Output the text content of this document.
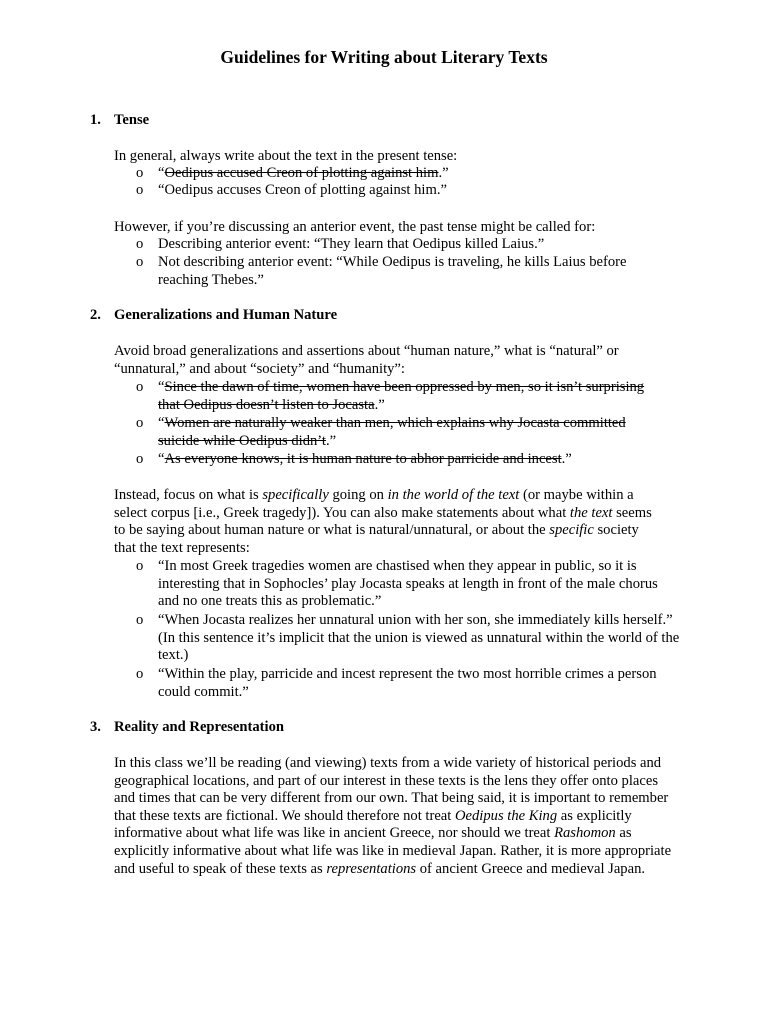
Guidelines for Writing about Literary Texts
1. Tense
In general, always write about the text in the present tense:
o “Oedipus accused Creon of plotting against him.”
o “Oedipus accuses Creon of plotting against him.”
However, if you’re discussing an anterior event, the past tense might be called for:
o Describing anterior event: “They learn that Oedipus killed Laius.”
o Not describing anterior event: “While Oedipus is traveling, he kills Laius before reaching Thebes.”
2. Generalizations and Human Nature
Avoid broad generalizations and assertions about “human nature,” what is “natural” or “unnatural,” and about “society” and “humanity”:
o “Since the dawn of time, women have been oppressed by men, so it isn’t surprising that Oedipus doesn’t listen to Jocasta.”
o “Women are naturally weaker than men, which explains why Jocasta committed suicide while Oedipus didn’t.”
o “As everyone knows, it is human nature to abhor parricide and incest.”
Instead, focus on what is specifically going on in the world of the text (or maybe within a select corpus [i.e., Greek tragedy]). You can also make statements about what the text seems to be saying about human nature or what is natural/unnatural, or about the specific society that the text represents:
o “In most Greek tragedies women are chastised when they appear in public, so it is interesting that in Sophocles’ play Jocasta speaks at length in front of the male chorus and no one treats this as problematic.”
o “When Jocasta realizes her unnatural union with her son, she immediately kills herself.” (In this sentence it’s implicit that the union is viewed as unnatural within the world of the text.)
o “Within the play, parricide and incest represent the two most horrible crimes a person could commit.”
3. Reality and Representation
In this class we’ll be reading (and viewing) texts from a wide variety of historical periods and geographical locations, and part of our interest in these texts is the lens they offer onto places and times that can be very different from our own. That being said, it is important to remember that these texts are fictional. We should therefore not treat Oedipus the King as explicitly informative about what life was like in ancient Greece, nor should we treat Rashomon as explicitly informative about what life was like in medieval Japan. Rather, it is more appropriate and useful to speak of these texts as representations of ancient Greece and medieval Japan.
